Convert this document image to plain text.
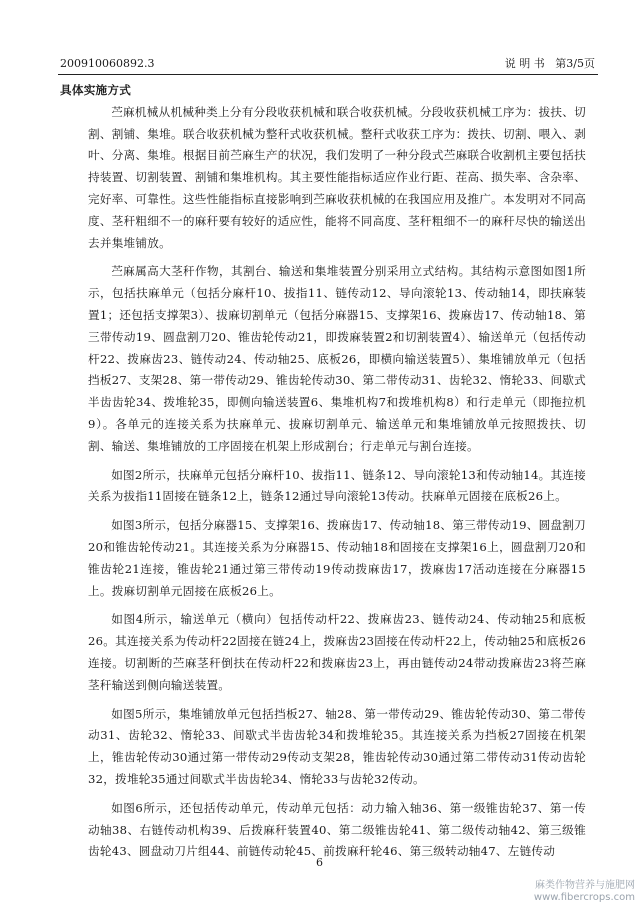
200910060892.3	说 明 书 第3/5页
具体实施方式

苎麻机械从机械种类上分有分段收获机械和联合收获机械。分段收获机械工序为：拔扶、切割、割铺、集堆。联合收获机械为整秆式收获机械。整秆式收获工序为：拨扶、切割、喂入、剥叶、分离、集堆。根据目前苎麻生产的状况，我们发明了一种分段式苎麻联合收割机主要包括扶持装置、切割装置、割铺和集堆机构。其主要性能指标适应作业行距、茬高、损失率、含杂率、完好率、可靠性。这些性能指标直接影响到苎麻收获机械的在我国应用及推广。本发明对不同高度、茎秆粗细不一的麻秆要有较好的适应性，能将不同高度、茎秆粗细不一的麻秆尽快的输送出去并集堆铺放。

苎麻属高大茎秆作物，其割台、输送和集堆装置分别采用立式结构。其结构示意图如图1所示，包括扶麻单元（包括分麻杆10、拔指11、链传动12、导向滚轮13、传动轴14，即扶麻装置1；还包括支撑架3）、拔麻切割单元（包括分麻器15、支撑架16、拨麻齿17、传动轴18、第三带传动19、圆盘割刀20、锥齿轮传动21，即拨麻装置2和切割装置4）、输送单元（包括传动杆22、拨麻齿23、链传动24、传动轴25、底板26，即横向输送装置5）、集堆铺放单元（包括挡板27、支架28、第一带传动29、锥齿轮传动30、第二带传动31、齿轮32、惰轮33、间歇式半齿齿轮34、拨堆轮35，即侧向输送装置6、集堆机构7和拨堆机构8）和行走单元（即拖拉机9）。各单元的连接关系为扶麻单元、拔麻切割单元、输送单元和集堆铺放单元按照拨扶、切割、输送、集堆铺放的工序固接在机架上形成割台；行走单元与割台连接。

如图2所示，扶麻单元包括分麻杆10、拔指11、链条12、导向滚轮13和传动轴14。其连接关系为拔指11固接在链条12上，链条12通过导向滚轮13传动。扶麻单元固接在底板26上。

如图3所示，包括分麻器15、支撑架16、拨麻齿17、传动轴18、第三带传动19、圆盘割刀20和锥齿轮传动21。其连接关系为分麻器15、传动轴18和固接在支撑架16上，圆盘割刀20和锥齿轮21连接，锥齿轮21通过第三带传动19传动拨麻齿17，拨麻齿17活动连接在分麻器15上。拨麻切割单元固接在底板26上。

如图4所示，输送单元（横向）包括传动杆22、拨麻齿23、链传动24、传动轴25和底板26。其连接关系为传动杆22固接在链24上，拨麻齿23固接在传动杆22上，传动轴25和底板26连接。切割断的苎麻茎秆倒扶在传动杆22和拨麻齿23上，再由链传动24带动拨麻齿23将苎麻茎秆输送到侧向输送装置。

如图5所示，集堆铺放单元包括挡板27、轴28、第一带传动29、锥齿轮传动30、第二带传动31、齿轮32、惰轮33、间歇式半齿齿轮34和拨堆轮35。其连接关系为挡板27固接在机架上，锥齿轮传动30通过第一带传动29传动支架28，锥齿轮传动30通过第二带传动31传动齿轮32，拨堆轮35通过间歇式半齿齿轮34、惰轮33与齿轮32传动。

如图6所示，还包括传动单元，传动单元包括：动力输入轴36、第一级锥齿轮37、第一传动轴38、右链传动机构39、后拨麻秆装置40、第二级锥齿轮41、第二级传动轴42、第三级锥齿轮43、圆盘动刀片组44、前链传动轮45、前拨麻秆轮46、第三级转动轴47、左链传动

6
麻类作物营养与施肥网
www.fibercrops.com
